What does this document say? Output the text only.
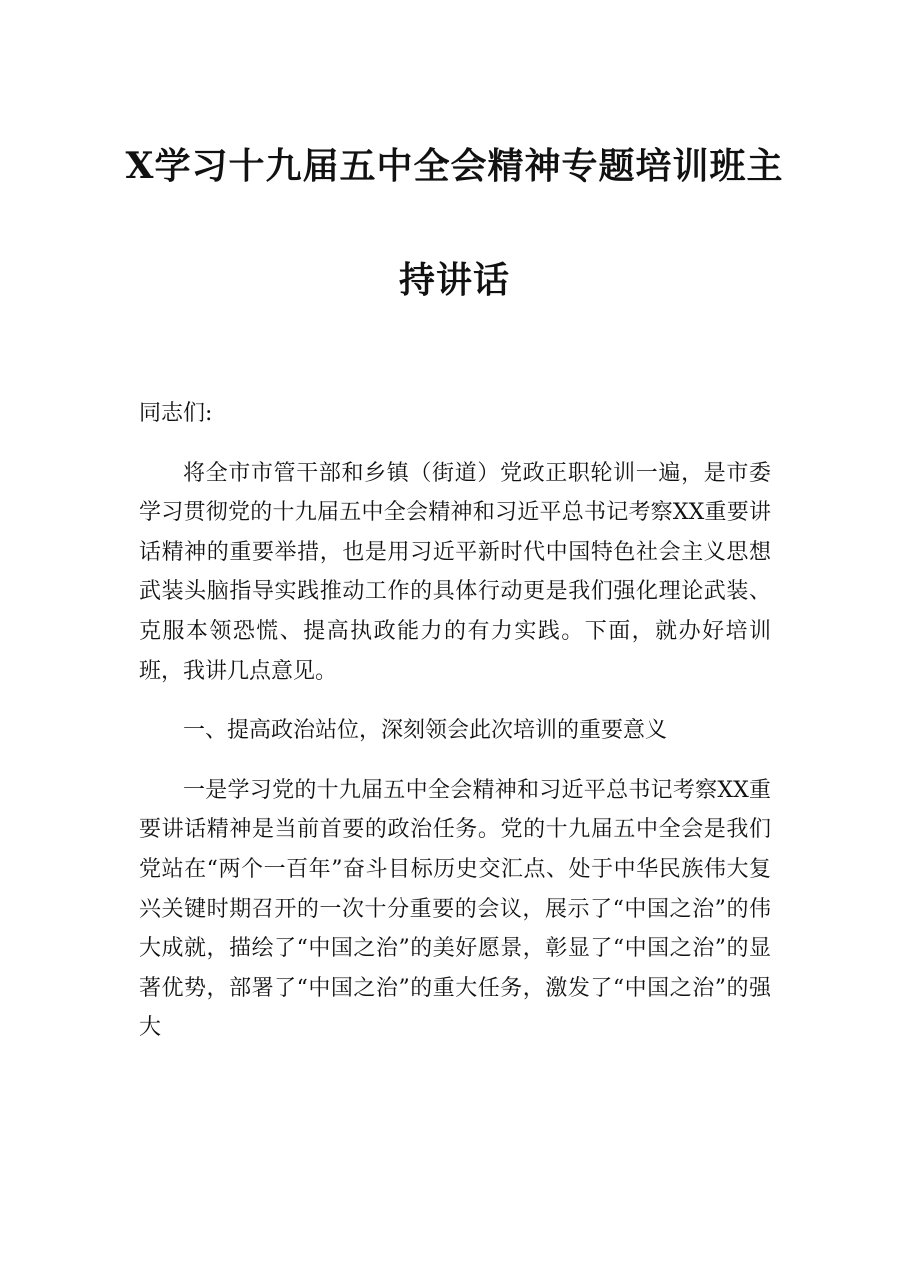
X学习十九届五中全会精神专题培训班主
持讲话

同志们:

将全市市管干部和乡镇（街道）党政正职轮训一遍，是市委学习贯彻党的十九届五中全会精神和习近平总书记考察XX重要讲话精神的重要举措，也是用习近平新时代中国特色社会主义思想武装头脑指导实践推动工作的具体行动更是我们强化理论武装、克服本领恐慌、提高执政能力的有力实践。下面，就办好培训班，我讲几点意见。

一、提高政治站位，深刻领会此次培训的重要意义

一是学习党的十九届五中全会精神和习近平总书记考察XX重要讲话精神是当前首要的政治任务。党的十九届五中全会是我们党站在“两个一百年”奋斗目标历史交汇点、处于中华民族伟大复兴关键时期召开的一次十分重要的会议，展示了“中国之治”的伟大成就，描绘了“中国之治”的美好愿景，彰显了“中国之治”的显著优势，部署了“中国之治”的重大任务，激发了“中国之治”的强大
